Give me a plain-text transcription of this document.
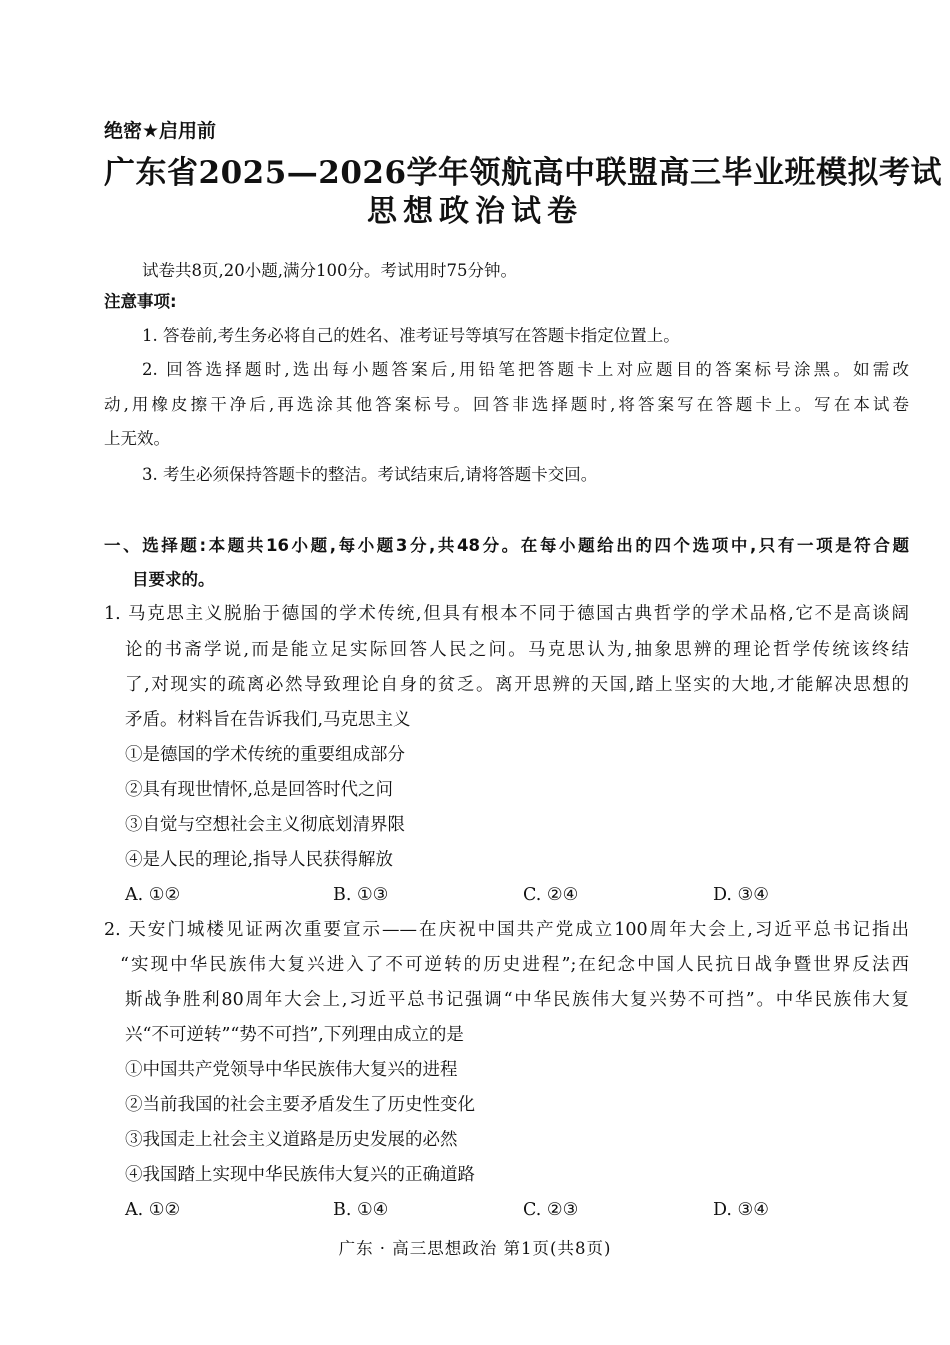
绝密★启用前
广东省2025—2026学年领航高中联盟高三毕业班模拟考试
思想政治试卷
试卷共8页,20小题,满分100分。考试用时75分钟。
注意事项:
1. 答卷前,考生务必将自己的姓名、准考证号等填写在答题卡指定位置上。
2. 回答选择题时,选出每小题答案后,用铅笔把答题卡上对应题目的答案标号涂黑。如需改
动,用橡皮擦干净后,再选涂其他答案标号。回答非选择题时,将答案写在答题卡上。写在本试卷
上无效。
3. 考生必须保持答题卡的整洁。考试结束后,请将答题卡交回。
一、选择题:本题共16小题,每小题3分,共48分。在每小题给出的四个选项中,只有一项是符合题
目要求的。
1. 马克思主义脱胎于德国的学术传统,但具有根本不同于德国古典哲学的学术品格,它不是高谈阔
论的书斋学说,而是能立足实际回答人民之问。马克思认为,抽象思辨的理论哲学传统该终结
了,对现实的疏离必然导致理论自身的贫乏。离开思辨的天国,踏上坚实的大地,才能解决思想的
矛盾。材料旨在告诉我们,马克思主义
①是德国的学术传统的重要组成部分
②具有现世情怀,总是回答时代之问
③自觉与空想社会主义彻底划清界限
④是人民的理论,指导人民获得解放
A. ①②	B. ①③	C. ②④	D. ③④
2. 天安门城楼见证两次重要宣示——在庆祝中国共产党成立100周年大会上,习近平总书记指出
“实现中华民族伟大复兴进入了不可逆转的历史进程”;在纪念中国人民抗日战争暨世界反法西
斯战争胜利80周年大会上,习近平总书记强调“中华民族伟大复兴势不可挡”。中华民族伟大复
兴“不可逆转”“势不可挡”,下列理由成立的是
①中国共产党领导中华民族伟大复兴的进程
②当前我国的社会主要矛盾发生了历史性变化
③我国走上社会主义道路是历史发展的必然
④我国踏上实现中华民族伟大复兴的正确道路
A. ①②	B. ①④	C. ②③	D. ③④
广东 · 高三思想政治 第1页(共8页)
